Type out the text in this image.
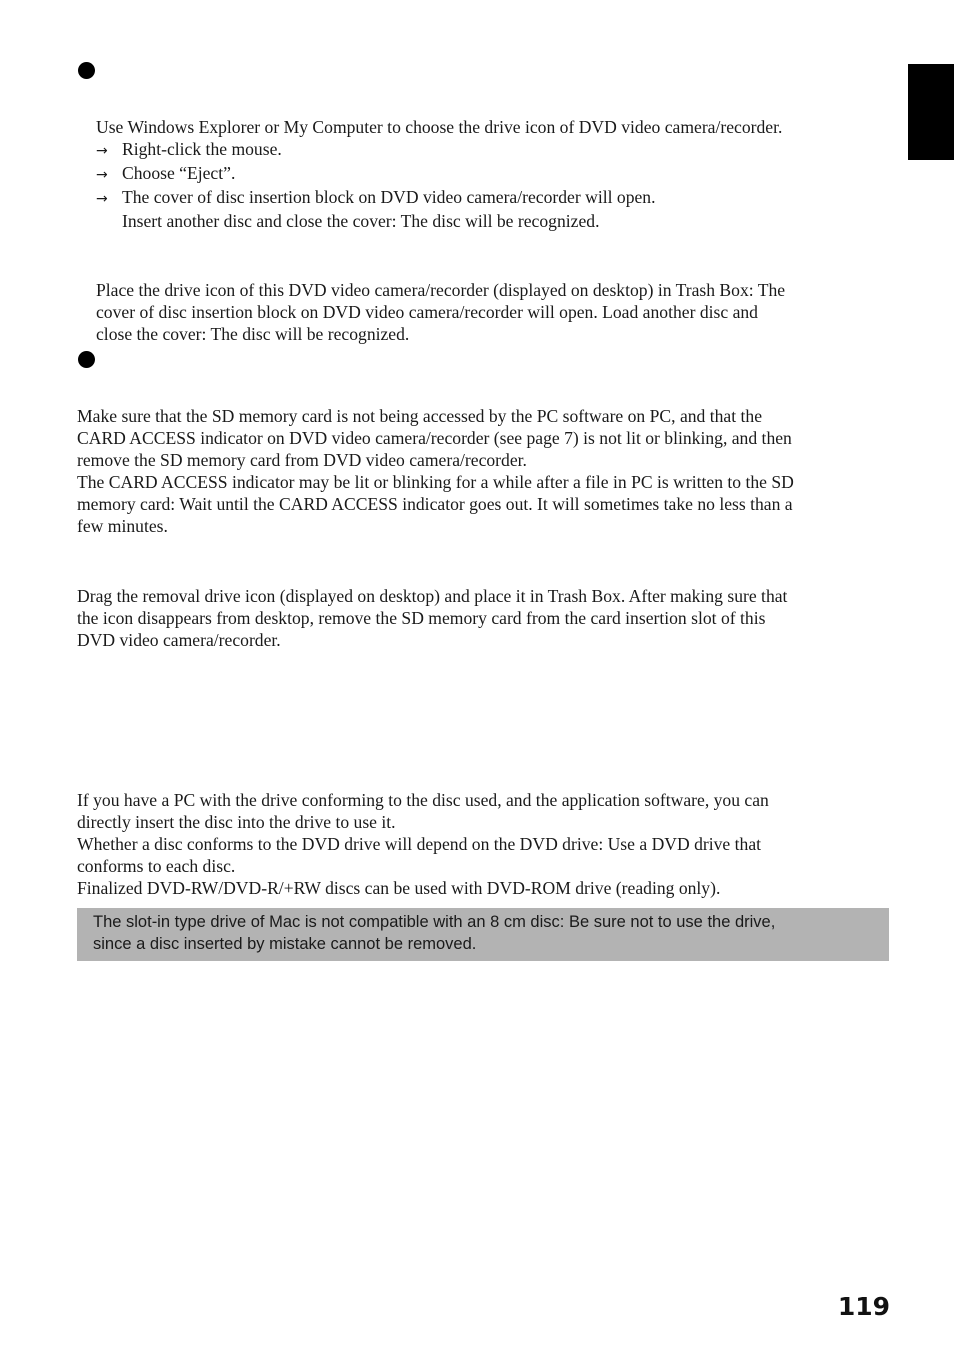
Use Windows Explorer or My Computer to choose the drive icon of DVD video camera/recorder.
→ Right-click the mouse.
→ Choose “Eject”.
→ The cover of disc insertion block on DVD video camera/recorder will open.
Insert another disc and close the cover: The disc will be recognized.
Place the drive icon of this DVD video camera/recorder (displayed on desktop) in Trash Box: The
cover of disc insertion block on DVD video camera/recorder will open. Load another disc and
close the cover: The disc will be recognized.
Make sure that the SD memory card is not being accessed by the PC software on PC, and that the
CARD ACCESS indicator on DVD video camera/recorder (see page 7) is not lit or blinking, and then
remove the SD memory card from DVD video camera/recorder.
The CARD ACCESS indicator may be lit or blinking for a while after a file in PC is written to the SD
memory card: Wait until the CARD ACCESS indicator goes out. It will sometimes take no less than a
few minutes.
Drag the removal drive icon (displayed on desktop) and place it in Trash Box. After making sure that
the icon disappears from desktop, remove the SD memory card from the card insertion slot of this
DVD video camera/recorder.
If you have a PC with the drive conforming to the disc used, and the application software, you can
directly insert the disc into the drive to use it.
Whether a disc conforms to the DVD drive will depend on the DVD drive: Use a DVD drive that
conforms to each disc.
Finalized DVD-RW/DVD-R/+RW discs can be used with DVD-ROM drive (reading only).
The slot-in type drive of Mac is not compatible with an 8 cm disc: Be sure not to use the drive,
since a disc inserted by mistake cannot be removed.
119
